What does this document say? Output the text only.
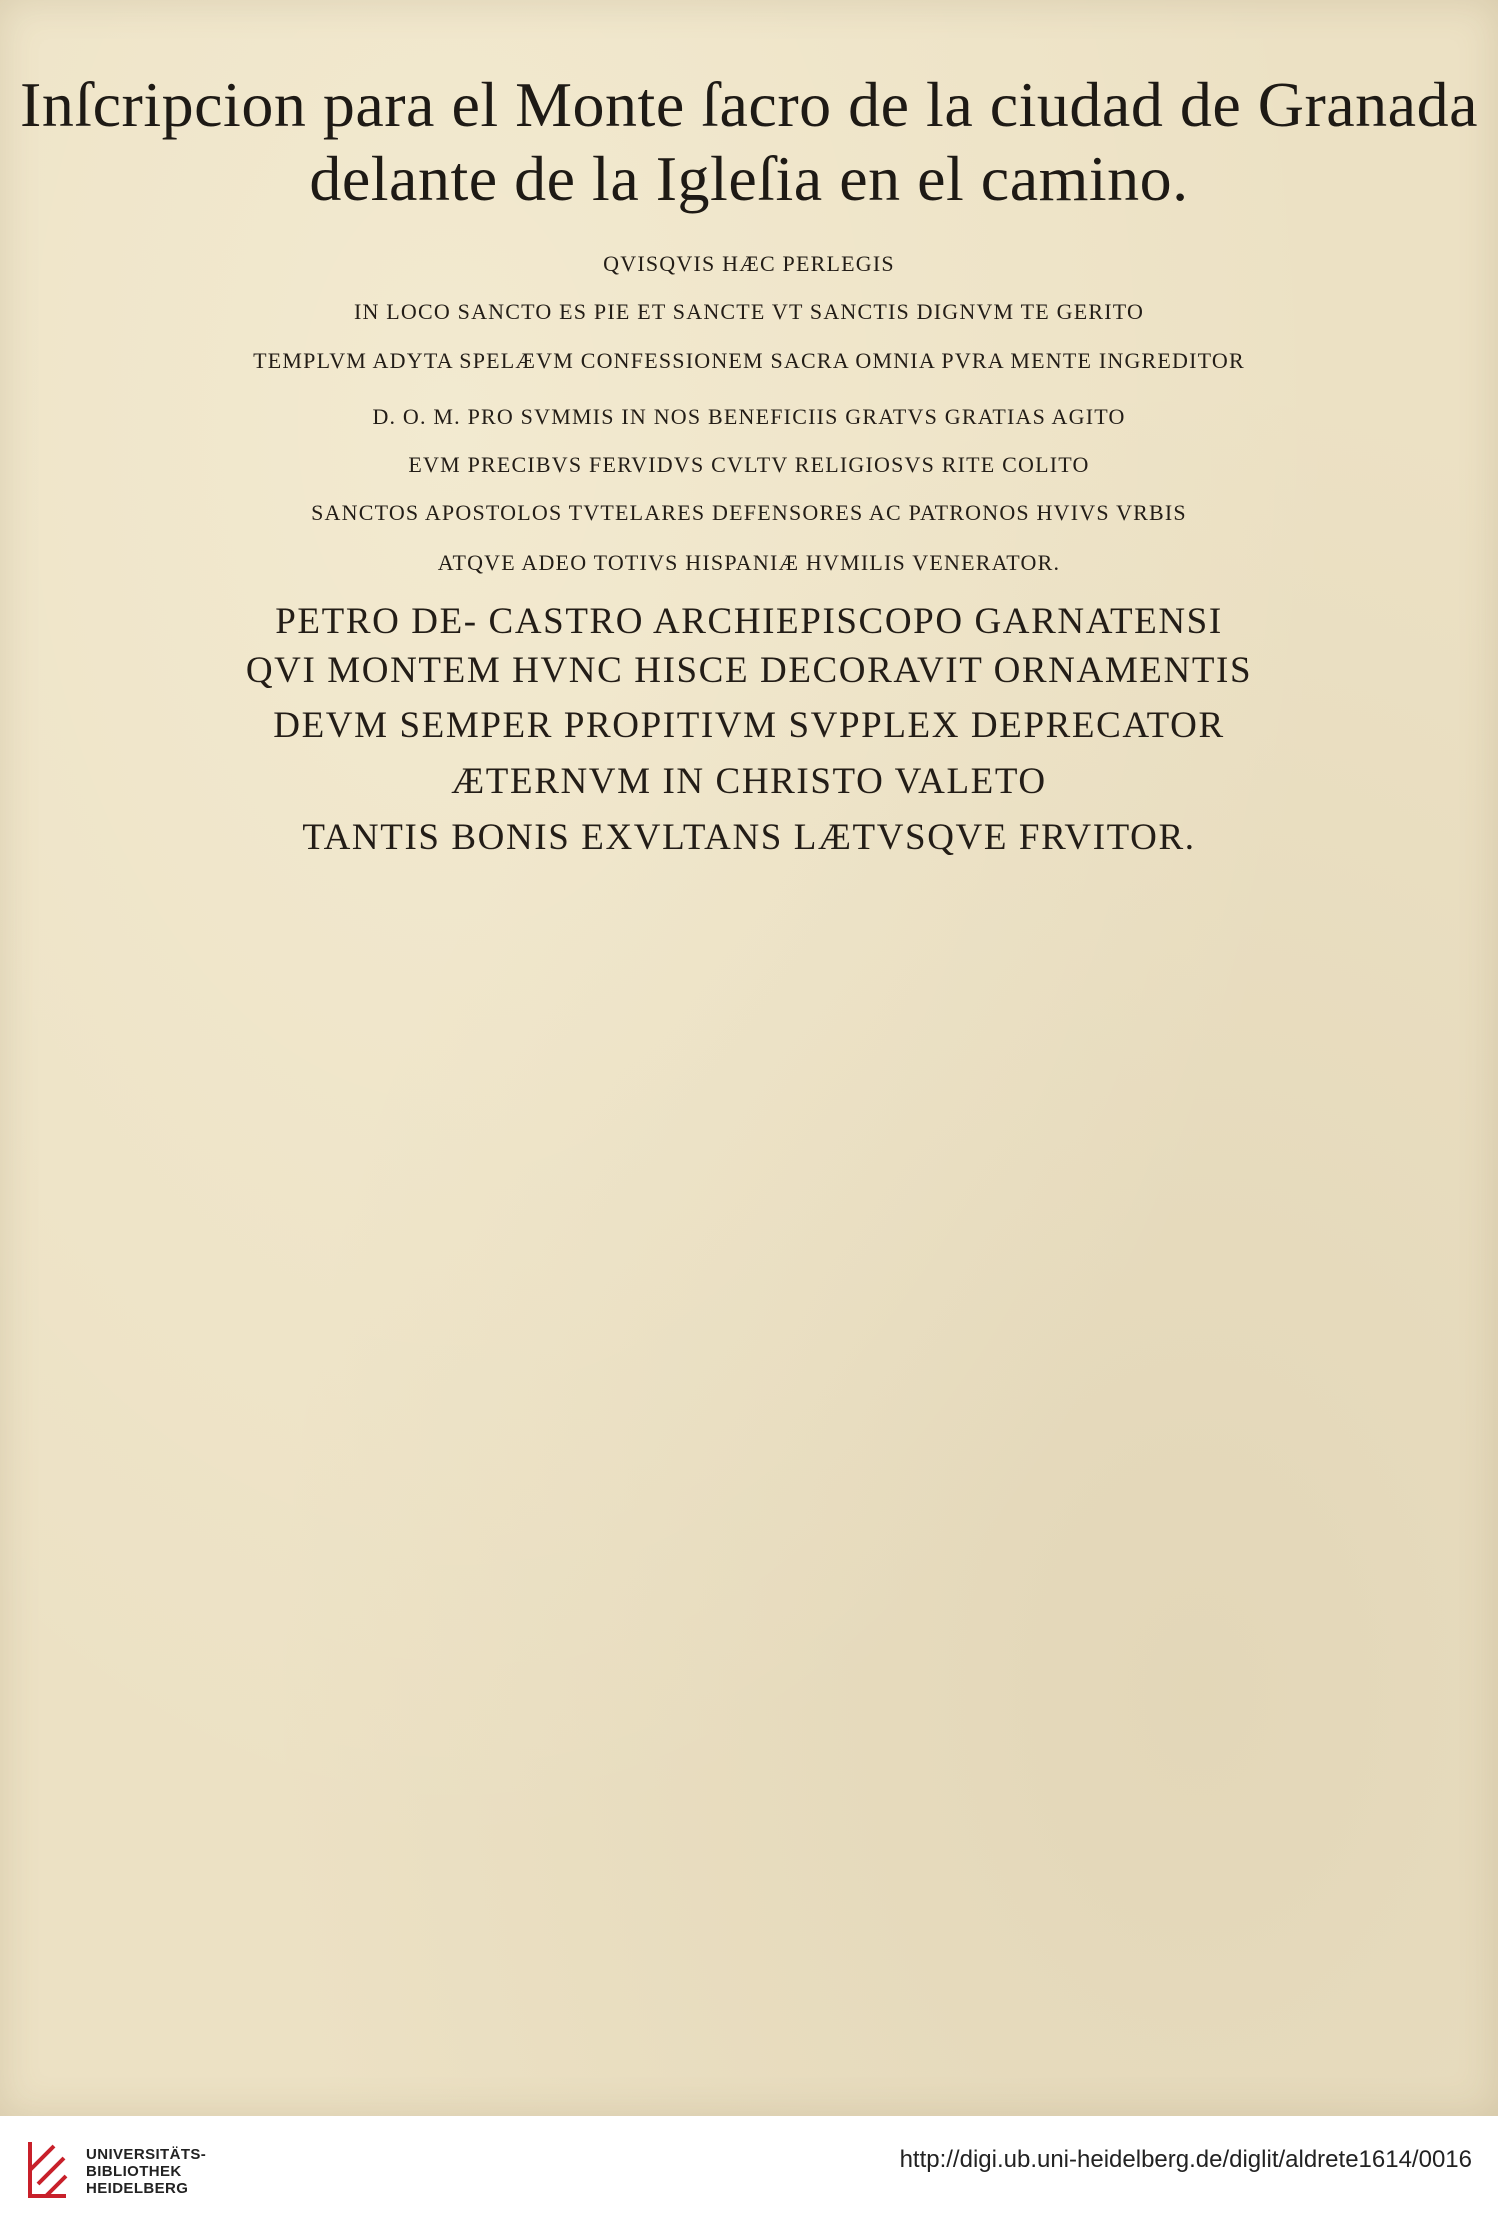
Inſcripcion para el Monte ſacro de la ciudad de Granada
delante de la Igleſia en el camino.
QVISQVIS HÆC PERLEGIS
IN LOCO SANCTO ES PIE ET SANCTE VT SANCTIS DIGNVM TE GERITO
TEMPLVM ADYTA SPELÆVM CONFESSIONEM SACRA OMNIA PVRA MENTE INGREDITOR
D. O. M. PRO SVMMIS IN NOS BENEFICIIS GRATVS GRATIAS AGITO
EVM PRECIBVS FERVIDVS CVLTV RELIGIOSVS RITE COLITO
SANCTOS APOSTOLOS TVTELARES DEFENSORES AC PATRONOS HVIVS VRBIS
ATQVE ADEO TOTIVS HISPANIÆ HVMILIS VENERATOR.
PETRO DE- CASTRO ARCHIEPISCOPO GARNATENSI
QVI MONTEM HVNC HISCE DECORAVIT ORNAMENTIS
DEVM SEMPER PROPITIVM SVPPLEX DEPRECATOR
ÆTERNVM IN CHRISTO VALETO
TANTIS BONIS EXVLTANS LÆTVSQVE FRVITOR.
UNIVERSITÄTS-
BIBLIOTHEK
HEIDELBERG
http://digi.ub.uni-heidelberg.de/diglit/aldrete1614/0016
